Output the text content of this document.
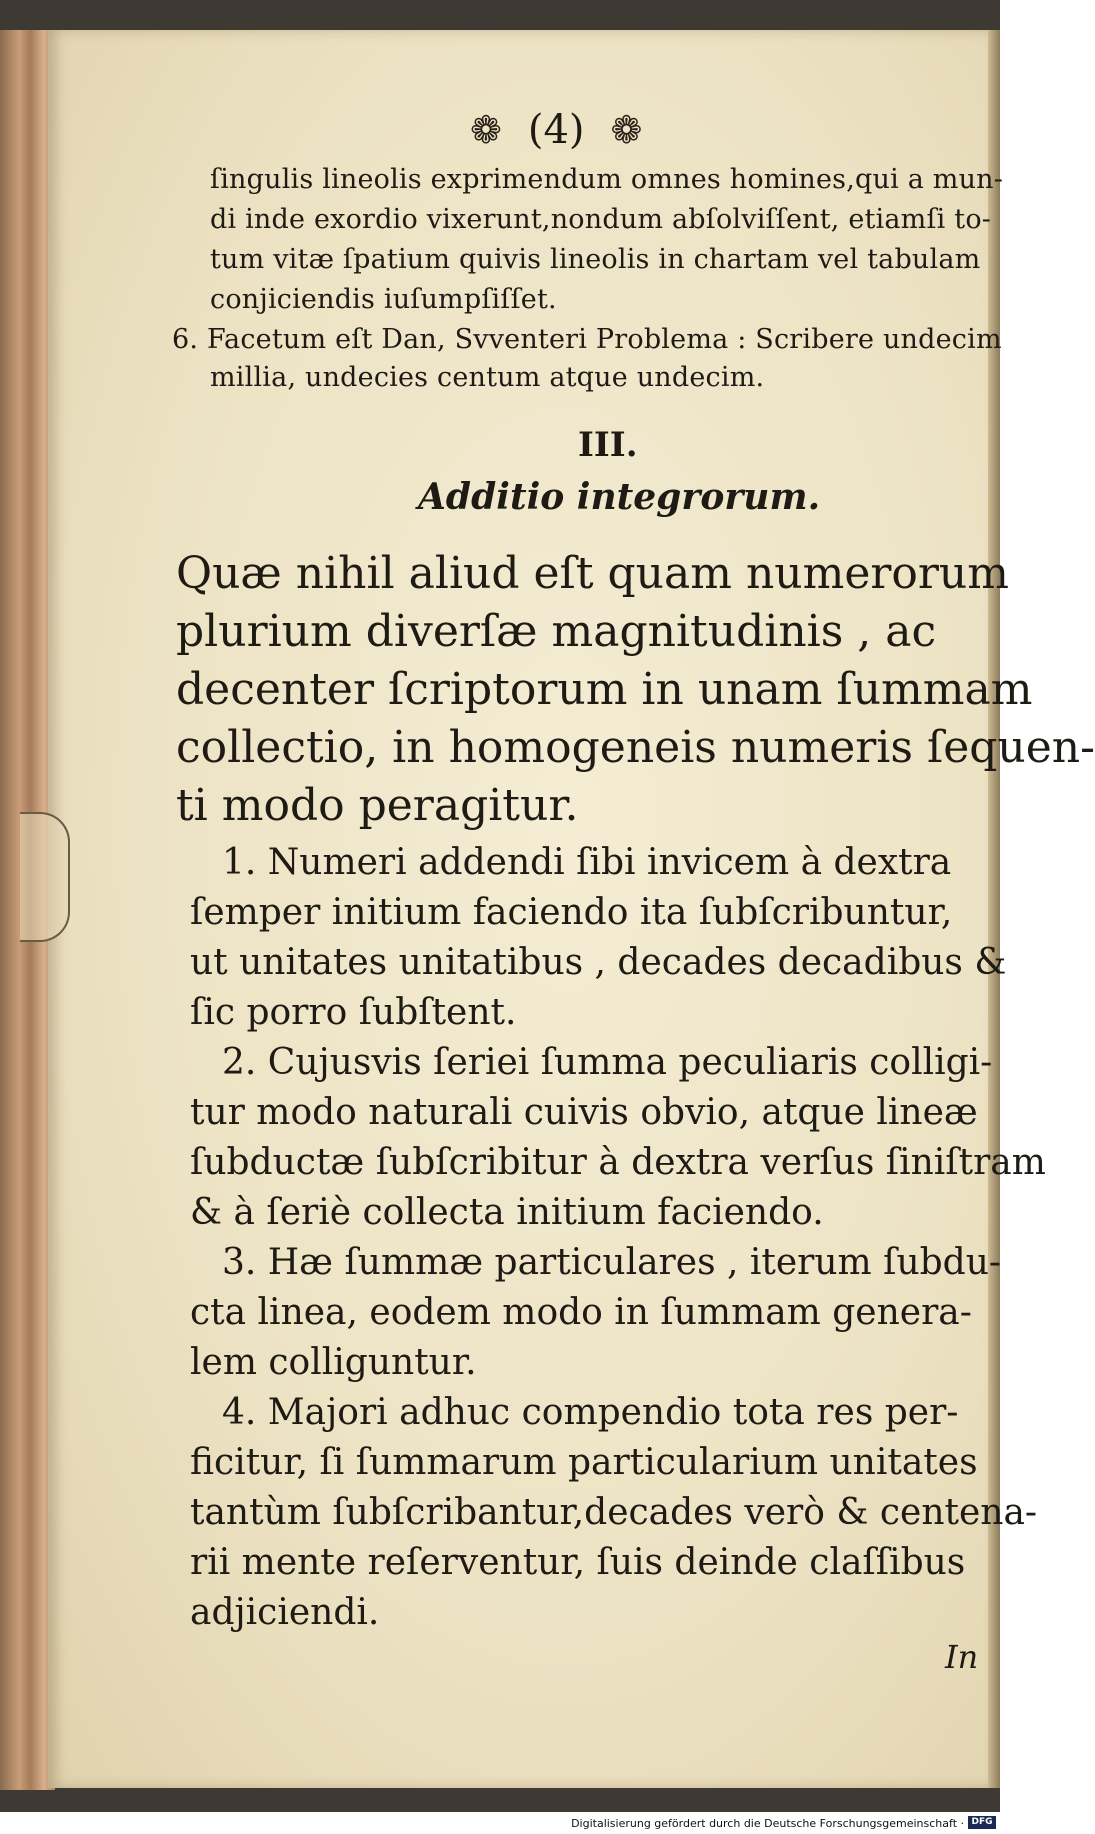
❁ (4) ❁
ſingulis lineolis exprimendum omnes homines,qui a mun-
di inde exordio vixerunt,nondum abſolviſſent, etiamſi to-
tum vitæ ſpatium quivis lineolis in chartam vel tabulam
conjiciendis iuſumpſiſſet.
6. Facetum eſt Dan, Svventeri Problema : Scribere undecim
millia, undecies centum atque undecim.
III.
Additio integrorum.
Quæ nihil aliud eſt quam numerorum
plurium diverſæ magnitudinis , ac
decenter ſcriptorum in unam ſummam
collectio, in homogeneis numeris ſequen-
ti modo peragitur.
1. Numeri addendi ſibi invicem à dextra
ſemper initium faciendo ita ſubſcribuntur,
ut unitates unitatibus , decades decadibus &
ſic porro ſubſtent.
2. Cujusvis ſeriei ſumma peculiaris colligi-
tur modo naturali cuivis obvio, atque lineæ
ſubductæ ſubſcribitur à dextra verſus ſiniſtram
& à ſeriè collecta initium faciendo.
3. Hæ ſummæ particulares , iterum ſubdu-
cta linea, eodem modo in ſummam genera-
lem colliguntur.
4. Majori adhuc compendio tota res per-
ficitur, ſi ſummarum particularium unitates
tantùm ſubſcribantur,decades verò & centena-
rii mente reſerventur, ſuis deinde claſſibus
adjiciendi.
In
Digitalisierung gefördert durch die Deutsche Forschungsgemeinschaft · DFG
